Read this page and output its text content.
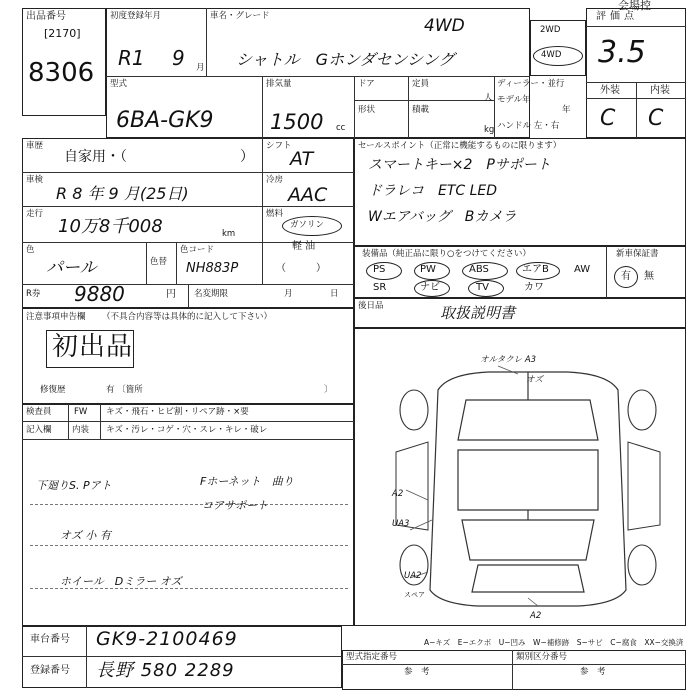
出品番号
[2170]
8306
初度登録年月
R1 9 月
車名・グレード	4WD
シャトル　Gホンダセンシング
2WD
4WD
評価点
3.5
外装	内装
C C
型式
6BA-GK9
排気量
1500 cc
ドア	定員
人
形状	積載
kg
ディーラー・並行
モデル年
年
ハンドル 左・右
車歴
自家用・（	）
シフト
AT
車検
R 8 年 9 月(25日)
冷房
AAC
走行
10万8千008	km
燃料
ガソリン
軽 油
（　　　）
色
パール	色替
色コード
NH883P
R券 9880	円 名変期限	月	日
注意事項申告欄 （不具合内容等は具体的に記入して下さい）
初出品
修復歴	有 〔箇所	〕
セールスポイント（正常に機能するものに限ります）
スマートキー×2　Pサポート
ドラレコ　ETC LED
Wエアバッグ　Bカメラ
装備品（純正品に限り○をつけてください）	新車保証書
有 無
PS	PW	ABS	エアB	AW
SR	ナビ	TV	カワ
後日品	取扱説明書
検査員
記入欄
FW キズ・飛石・ヒビ割・リペア跡・×要
内装 キズ・汚レ・コゲ・穴・スレ・キレ・破レ
下廻りS. Pアト	Fホーネット　曲り
コアサポート
オズ 小 有
ホイール　Dミラー オズ
オルタクレ A3
オズ
A2
UA3
UA2
スペア
A2
A−キズ　E−エクボ　U−凹み　W−補修跡　S−サビ　C−腐食　XX−交換済
車台番号 GK9-2100469
登録番号 長野 580 2289
型式指定番号
参　考
類別区分番号
参　考
会場控
